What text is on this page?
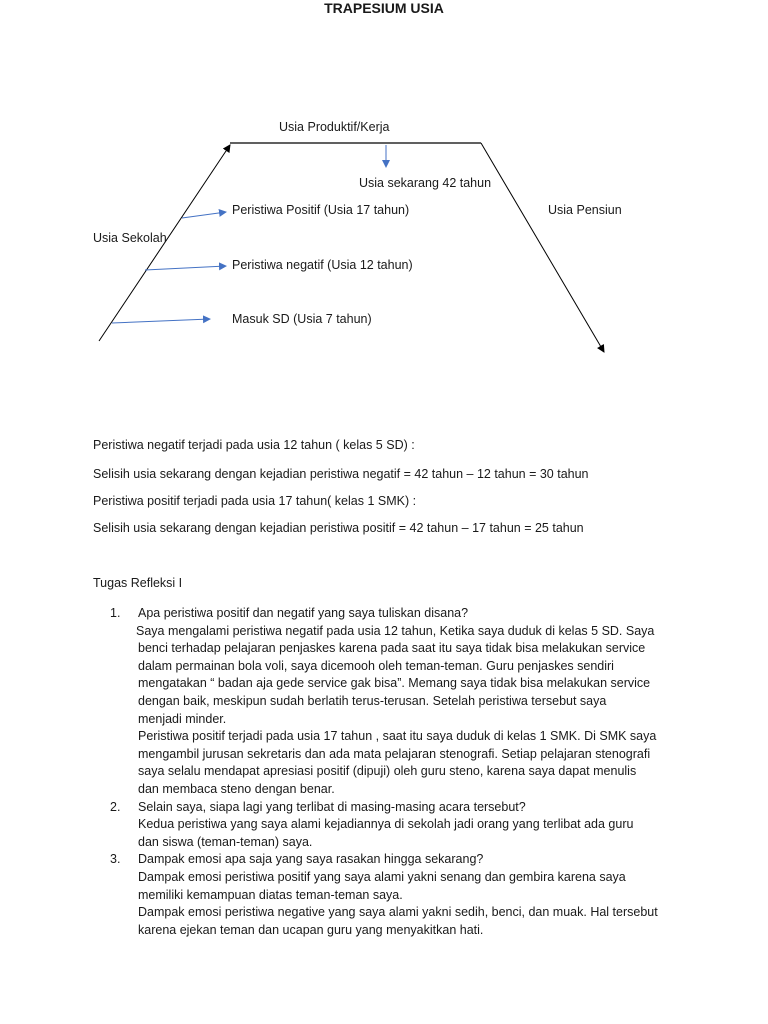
TRAPESIUM USIA
Usia Produktif/Kerja
Usia sekarang 42 tahun
Peristiwa Positif (Usia 17 tahun)	Usia Pensiun
Usia Sekolah
Peristiwa negatif (Usia 12 tahun)
Masuk SD (Usia 7 tahun)
Peristiwa negatif terjadi pada usia 12 tahun ( kelas 5 SD) :
Selisih usia sekarang dengan kejadian peristiwa negatif = 42 tahun – 12 tahun = 30 tahun
Peristiwa positif terjadi pada usia 17 tahun( kelas 1 SMK) :
Selisih usia sekarang dengan kejadian peristiwa positif = 42 tahun – 17 tahun = 25 tahun
Tugas Refleksi I
1.	Apa peristiwa positif dan negatif yang saya tuliskan disana?
Saya mengalami peristiwa negatif pada usia 12 tahun, Ketika saya duduk di kelas 5 SD. Saya
benci terhadap pelajaran penjaskes karena pada saat itu saya tidak bisa melakukan service
dalam permainan bola voli, saya dicemooh oleh teman-teman. Guru penjaskes sendiri
mengatakan “ badan aja gede service gak bisa”. Memang saya tidak bisa melakukan service
dengan baik, meskipun sudah berlatih terus-terusan. Setelah peristiwa tersebut saya
menjadi minder.
Peristiwa positif terjadi pada usia 17 tahun , saat itu saya duduk di kelas 1 SMK. Di SMK saya
mengambil jurusan sekretaris dan ada mata pelajaran stenografi. Setiap pelajaran stenografi
saya selalu mendapat apresiasi positif (dipuji) oleh guru steno, karena saya dapat menulis
dan membaca steno dengan benar.
2.	Selain saya, siapa lagi yang terlibat di masing-masing acara tersebut?
Kedua peristiwa yang saya alami kejadiannya di sekolah jadi orang yang terlibat ada guru
dan siswa (teman-teman) saya.
3.	Dampak emosi apa saja yang saya rasakan hingga sekarang?
Dampak emosi peristiwa positif yang saya alami yakni senang dan gembira karena saya
memiliki kemampuan diatas teman-teman saya.
Dampak emosi peristiwa negative yang saya alami yakni sedih, benci, dan muak. Hal tersebut
karena ejekan teman dan ucapan guru yang menyakitkan hati.
